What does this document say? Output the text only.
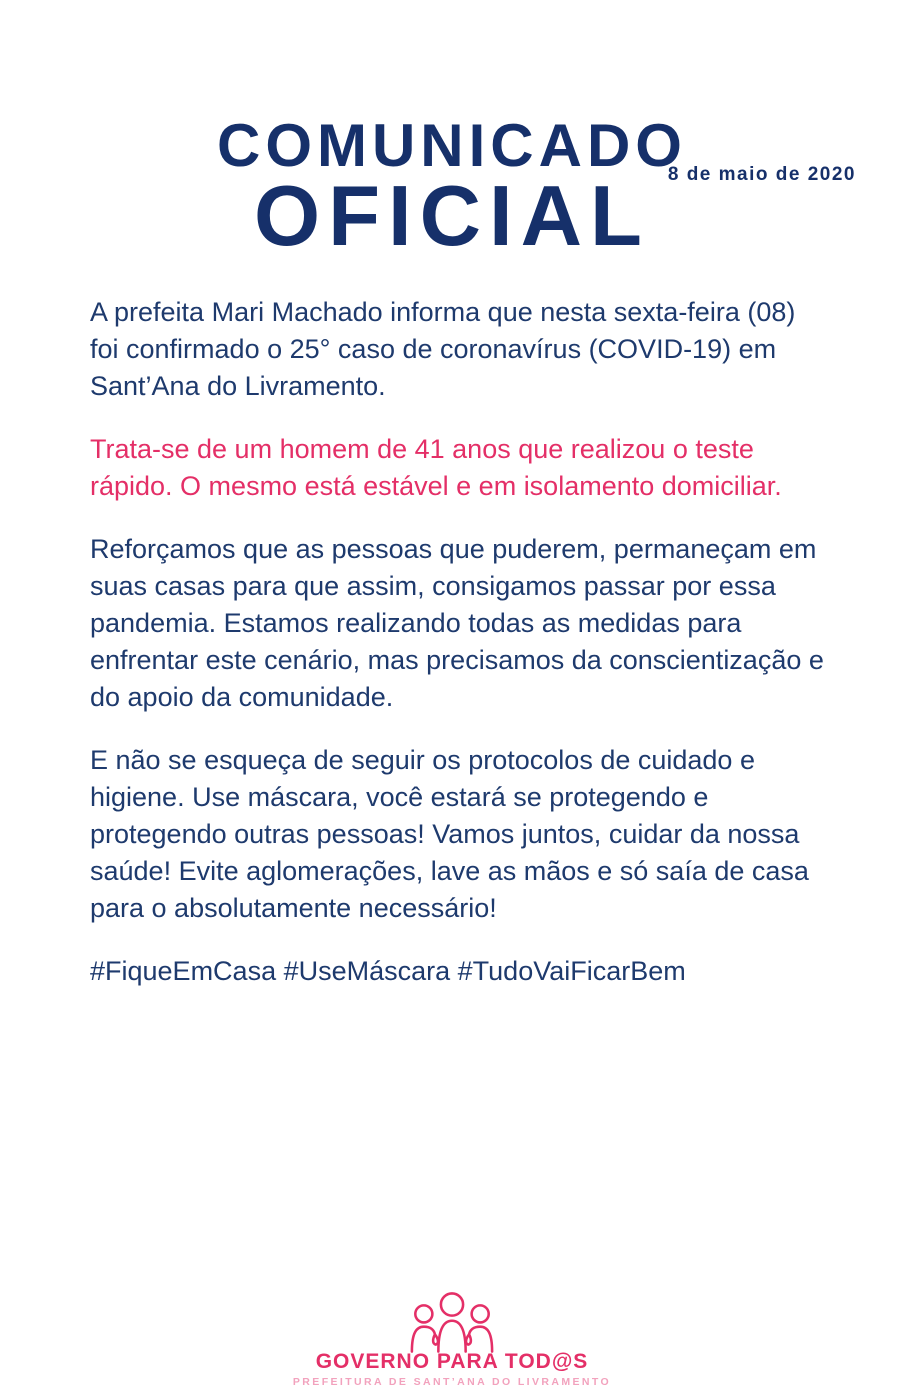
8 de maio de 2020
COMUNICADO
OFICIAL

A prefeita Mari Machado informa que nesta sexta-feira (08) foi confirmado o 25° caso de coronavírus (COVID-19) em Sant’Ana do Livramento.

Trata-se de um homem de 41 anos que realizou o teste rápido. O mesmo está estável e em isolamento domiciliar.

Reforçamos que as pessoas que puderem, permaneçam em suas casas para que assim, consigamos passar por essa pandemia. Estamos realizando todas as medidas para enfrentar este cenário, mas precisamos da conscientização e do apoio da comunidade.

E não se esqueça de seguir os protocolos de cuidado e higiene. Use máscara, você estará se protegendo e protegendo outras pessoas! Vamos juntos, cuidar da nossa saúde! Evite aglomerações, lave as mãos e só saía de casa para o absolutamente necessário!

#FiqueEmCasa #UseMáscara #TudoVaiFicarBem

GOVERNO PARA TOD@S
PREFEITURA DE SANT’ANA DO LIVRAMENTO
